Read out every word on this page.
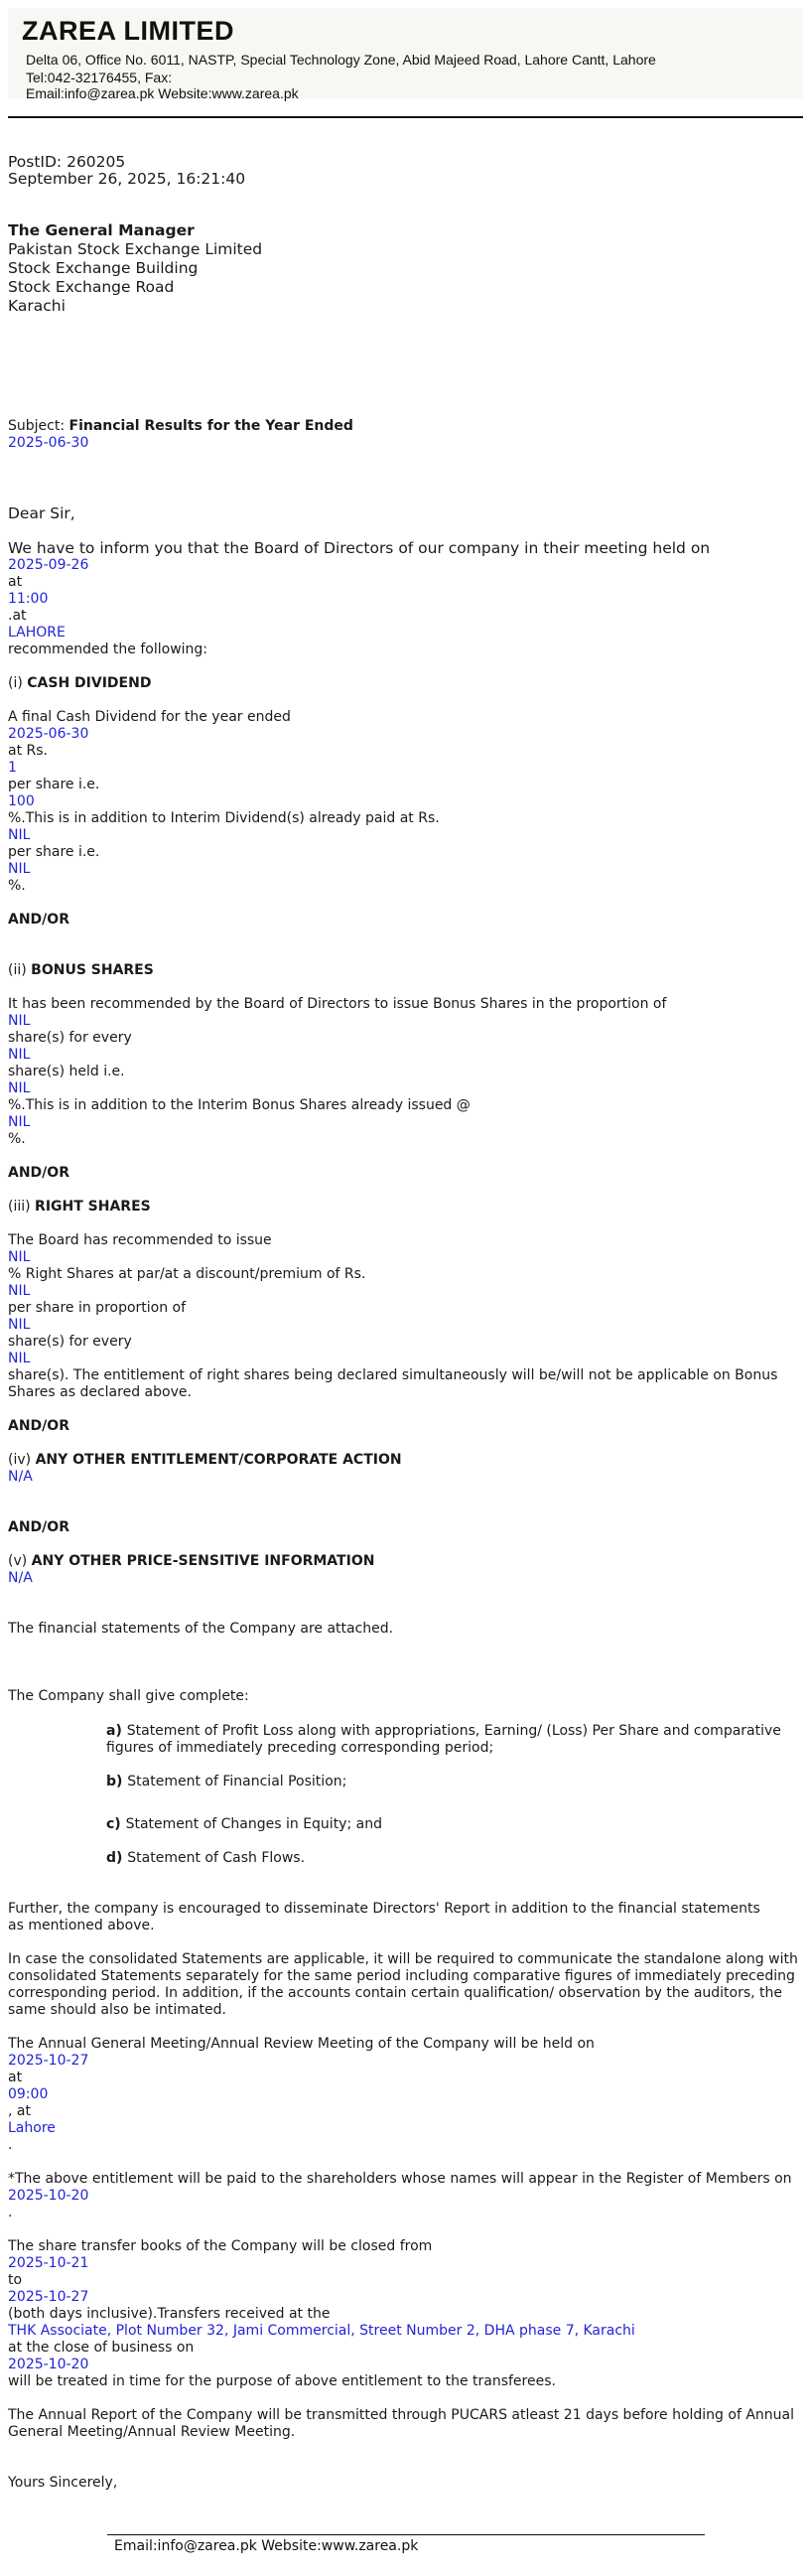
ZAREA LIMITED
Delta 06, Office No. 6011, NASTP, Special Technology Zone, Abid Majeed Road, Lahore Cantt, Lahore
Tel:042-32176455, Fax:
Email:info@zarea.pk Website:www.zarea.pk
PostID: 260205
September 26, 2025, 16:21:40
The General Manager
Pakistan Stock Exchange Limited
Stock Exchange Building
Stock Exchange Road
Karachi
Subject: Financial Results for the Year Ended
2025-06-30
Dear Sir,
We have to inform you that the Board of Directors of our company in their meeting held on
2025-09-26
at
11:00
.at
LAHORE
recommended the following:
(i) CASH DIVIDEND
A final Cash Dividend for the year ended
2025-06-30
at Rs.
1
per share i.e.
100
%.This is in addition to Interim Dividend(s) already paid at Rs.
NIL
per share i.e.
NIL
%.
AND/OR
(ii) BONUS SHARES
It has been recommended by the Board of Directors to issue Bonus Shares in the proportion of
NIL
share(s) for every
NIL
share(s) held i.e.
NIL
%.This is in addition to the Interim Bonus Shares already issued @
NIL
%.
AND/OR
(iii) RIGHT SHARES
The Board has recommended to issue
NIL
% Right Shares at par/at a discount/premium of Rs.
NIL
per share in proportion of
NIL
share(s) for every
NIL
share(s). The entitlement of right shares being declared simultaneously will be/will not be applicable on Bonus
Shares as declared above.
AND/OR
(iv) ANY OTHER ENTITLEMENT/CORPORATE ACTION
N/A
AND/OR
(v) ANY OTHER PRICE-SENSITIVE INFORMATION
N/A
The financial statements of the Company are attached.
The Company shall give complete:
a) Statement of Profit Loss along with appropriations, Earning/ (Loss) Per Share and comparative
figures of immediately preceding corresponding period;
b) Statement of Financial Position;
c) Statement of Changes in Equity; and
d) Statement of Cash Flows.
Further, the company is encouraged to disseminate Directors' Report in addition to the financial statements
as mentioned above.
In case the consolidated Statements are applicable, it will be required to communicate the standalone along with
consolidated Statements separately for the same period including comparative figures of immediately preceding
corresponding period. In addition, if the accounts contain certain qualification/ observation by the auditors, the
same should also be intimated.
The Annual General Meeting/Annual Review Meeting of the Company will be held on
2025-10-27
at
09:00
, at
Lahore
.
*The above entitlement will be paid to the shareholders whose names will appear in the Register of Members on
2025-10-20
.
The share transfer books of the Company will be closed from
2025-10-21
to
2025-10-27
(both days inclusive).Transfers received at the
THK Associate, Plot Number 32, Jami Commercial, Street Number 2, DHA phase 7, Karachi
at the close of business on
2025-10-20
will be treated in time for the purpose of above entitlement to the transferees.
The Annual Report of the Company will be transmitted through PUCARS atleast 21 days before holding of Annual
General Meeting/Annual Review Meeting.
Yours Sincerely,
Email:info@zarea.pk Website:www.zarea.pk
